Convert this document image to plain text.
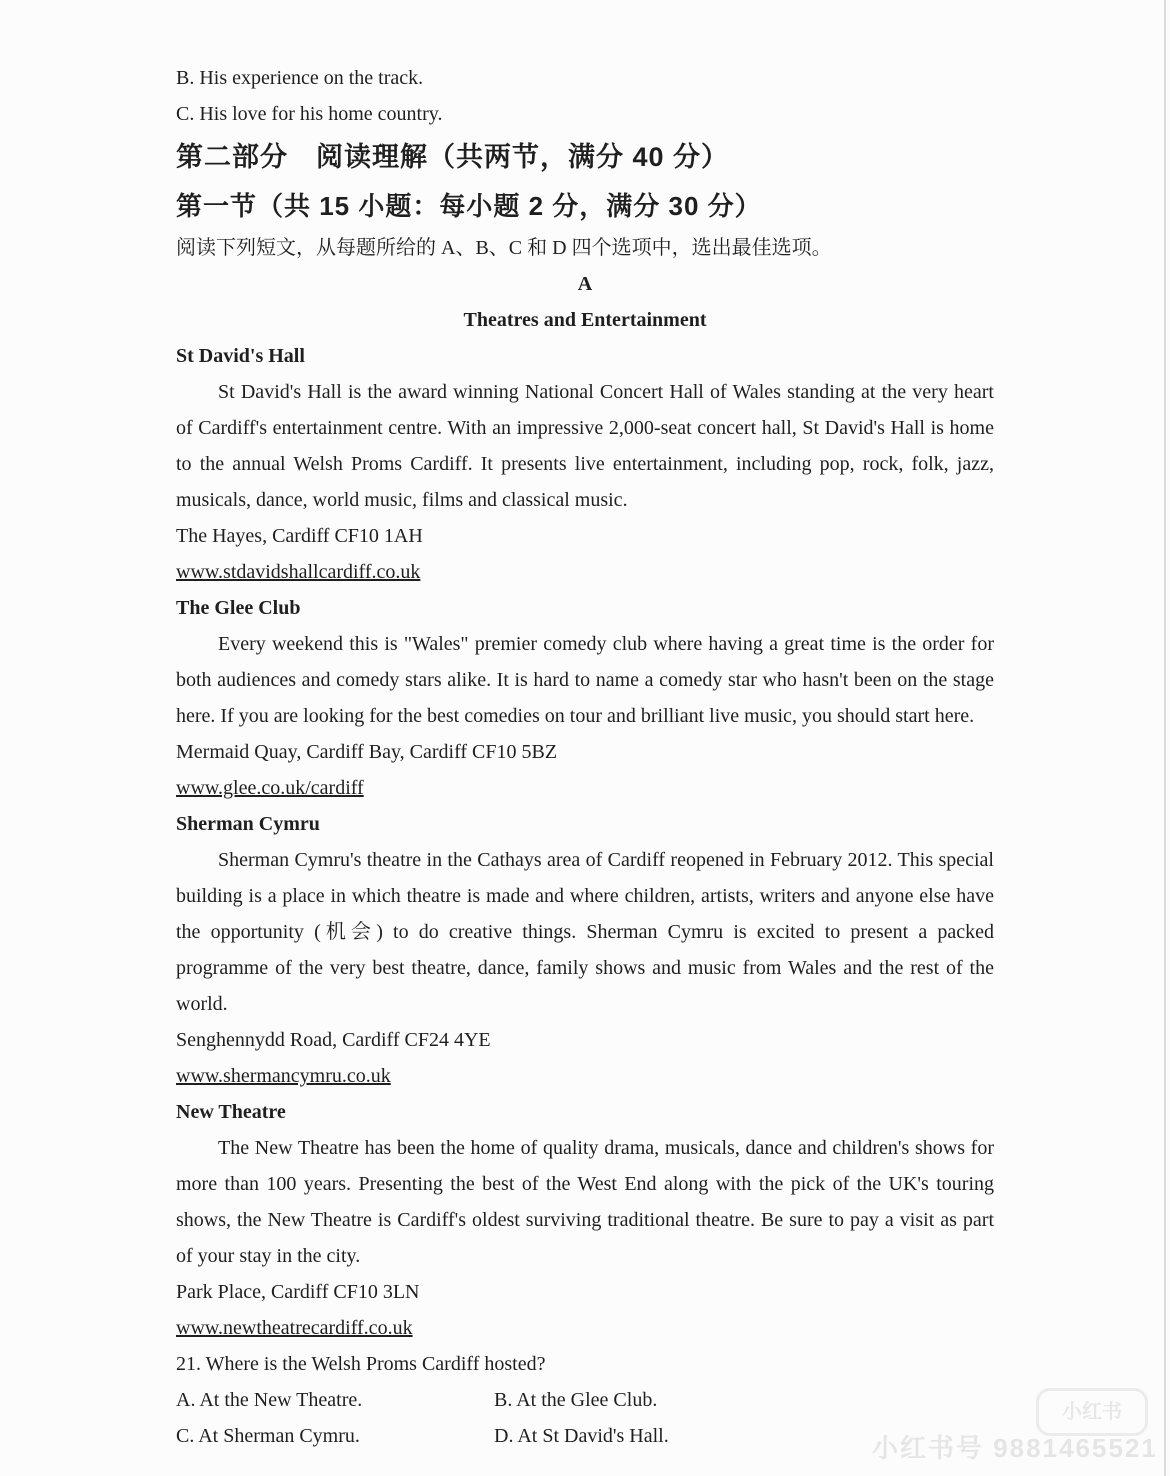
B. His experience on the track.
C. His love for his home country.
第二部分　阅读理解（共两节，满分 40 分）
第一节（共 15 小题：每小题 2 分，满分 30 分）
阅读下列短文，从每题所给的 A、B、C 和 D 四个选项中，选出最佳选项。
A
Theatres and Entertainment
St David's Hall
St David's Hall is the award winning National Concert Hall of Wales standing at the very heart of Cardiff's entertainment centre. With an impressive 2,000-seat concert hall, St David's Hall is home to the annual Welsh Proms Cardiff. It presents live entertainment, including pop, rock, folk, jazz, musicals, dance, world music, films and classical music.
The Hayes, Cardiff CF10 1AH
www.stdavidshallcardiff.co.uk
The Glee Club
Every weekend this is "Wales" premier comedy club where having a great time is the order for both audiences and comedy stars alike. It is hard to name a comedy star who hasn't been on the stage here. If you are looking for the best comedies on tour and brilliant live music, you should start here.
Mermaid Quay, Cardiff Bay, Cardiff CF10 5BZ
www.glee.co.uk/cardiff
Sherman Cymru
Sherman Cymru's theatre in the Cathays area of Cardiff reopened in February 2012. This special building is a place in which theatre is made and where children, artists, writers and anyone else have the opportunity (机会) to do creative things. Sherman Cymru is excited to present a packed programme of the very best theatre, dance, family shows and music from Wales and the rest of the world.
Senghennydd Road, Cardiff CF24 4YE
www.shermancymru.co.uk
New Theatre
The New Theatre has been the home of quality drama, musicals, dance and children's shows for more than 100 years. Presenting the best of the West End along with the pick of the UK's touring shows, the New Theatre is Cardiff's oldest surviving traditional theatre. Be sure to pay a visit as part of your stay in the city.
Park Place, Cardiff CF10 3LN
www.newtheatrecardiff.co.uk
21. Where is the Welsh Proms Cardiff hosted?
A. At the New Theatre.	B. At the Glee Club.
C. At Sherman Cymru.	D. At St David's Hall.
小红书
小红书号 9881465521
